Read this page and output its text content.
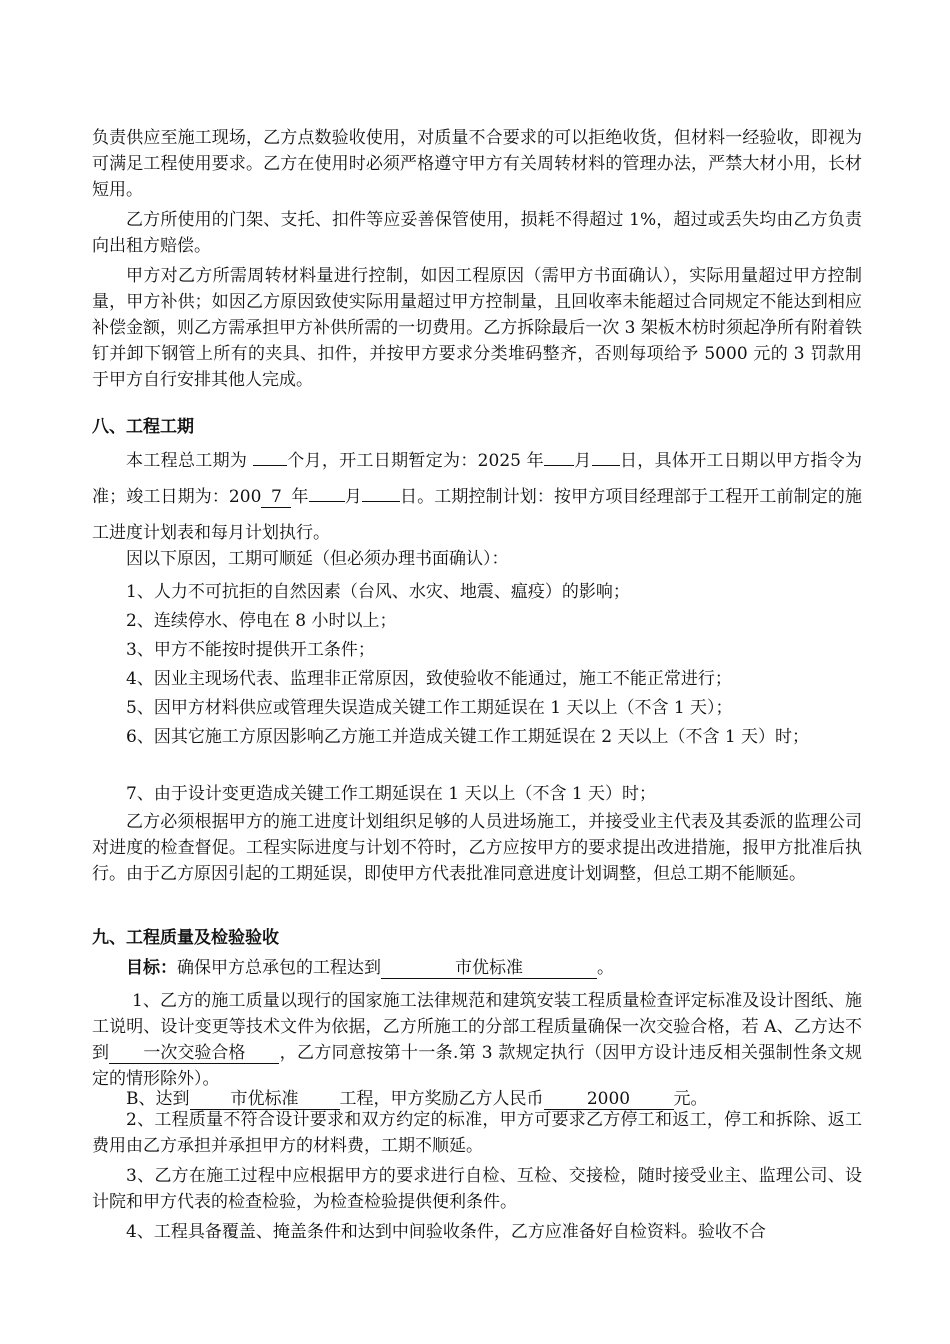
负责供应至施工现场，乙方点数验收使用，对质量不合要求的可以拒绝收货，但材料一经验收，即视为可满足工程使用要求。乙方在使用时必须严格遵守甲方有关周转材料的管理办法，严禁大材小用，长材短用。

乙方所使用的门架、支托、扣件等应妥善保管使用，损耗不得超过 1%，超过或丢失均由乙方负责向出租方赔偿。

甲方对乙方所需周转材料量进行控制，如因工程原因（需甲方书面确认），实际用量超过甲方控制量，甲方补供；如因乙方原因致使实际用量超过甲方控制量，且回收率未能超过合同规定不能达到相应补偿金额，则乙方需承担甲方补供所需的一切费用。乙方拆除最后一次 3 架板木枋时须起净所有附着铁钉并卸下钢管上所有的夹具、扣件，并按甲方要求分类堆码整齐，否则每项给予 5000 元的 3 罚款用于甲方自行安排其他人完成。

八、工程工期

本工程总工期为 个月，开工日期暂定为：2025 年 月 日，具体开工日期以甲方指令为准；竣工日期为：200 7 年 月 日。工期控制计划：按甲方项目经理部于工程开工前制定的施工进度计划表和每月计划执行。

因以下原因，工期可顺延（但必须办理书面确认）：

1、人力不可抗拒的自然因素（台风、水灾、地震、瘟疫）的影响；

2、连续停水、停电在 8 小时以上；

3、甲方不能按时提供开工条件；

4、因业主现场代表、监理非正常原因，致使验收不能通过，施工不能正常进行；

5、因甲方材料供应或管理失误造成关键工作工期延误在 1 天以上（不含 1 天）；

6、因其它施工方原因影响乙方施工并造成关键工作工期延误在 2 天以上（不含 1 天）时；

7、由于设计变更造成关键工作工期延误在 1 天以上（不含 1 天）时；

乙方必须根据甲方的施工进度计划组织足够的人员进场施工，并接受业主代表及其委派的监理公司对进度的检查督促。工程实际进度与计划不符时，乙方应按甲方的要求提出改进措施，报甲方批准后执行。由于乙方原因引起的工期延误，即使甲方代表批准同意进度计划调整，但总工期不能顺延。

九、工程质量及检验验收

目标：确保甲方总承包的工程达到	市优标准	。

1、乙方的施工质量以现行的国家施工法律规范和建筑安装工程质量检查评定标准及设计图纸、施工说明、设计变更等技术文件为依据，乙方所施工的分部工程质量确保一次交验合格，若 A、乙方达不到 一次交验合格 ，乙方同意按第十一条.第 3 款规定执行（因甲方设计违反相关强制性条文规定的情形除外）。

B、达到 市优标准 工程，甲方奖励乙方人民币	2000	元。

2、工程质量不符合设计要求和双方约定的标准，甲方可要求乙方停工和返工，停工和拆除、返工费用由乙方承担并承担甲方的材料费，工期不顺延。

3、乙方在施工过程中应根据甲方的要求进行自检、互检、交接检，随时接受业主、监理公司、设计院和甲方代表的检查检验，为检查检验提供便利条件。

4、工程具备覆盖、掩盖条件和达到中间验收条件，乙方应准备好自检资料。验收不合
